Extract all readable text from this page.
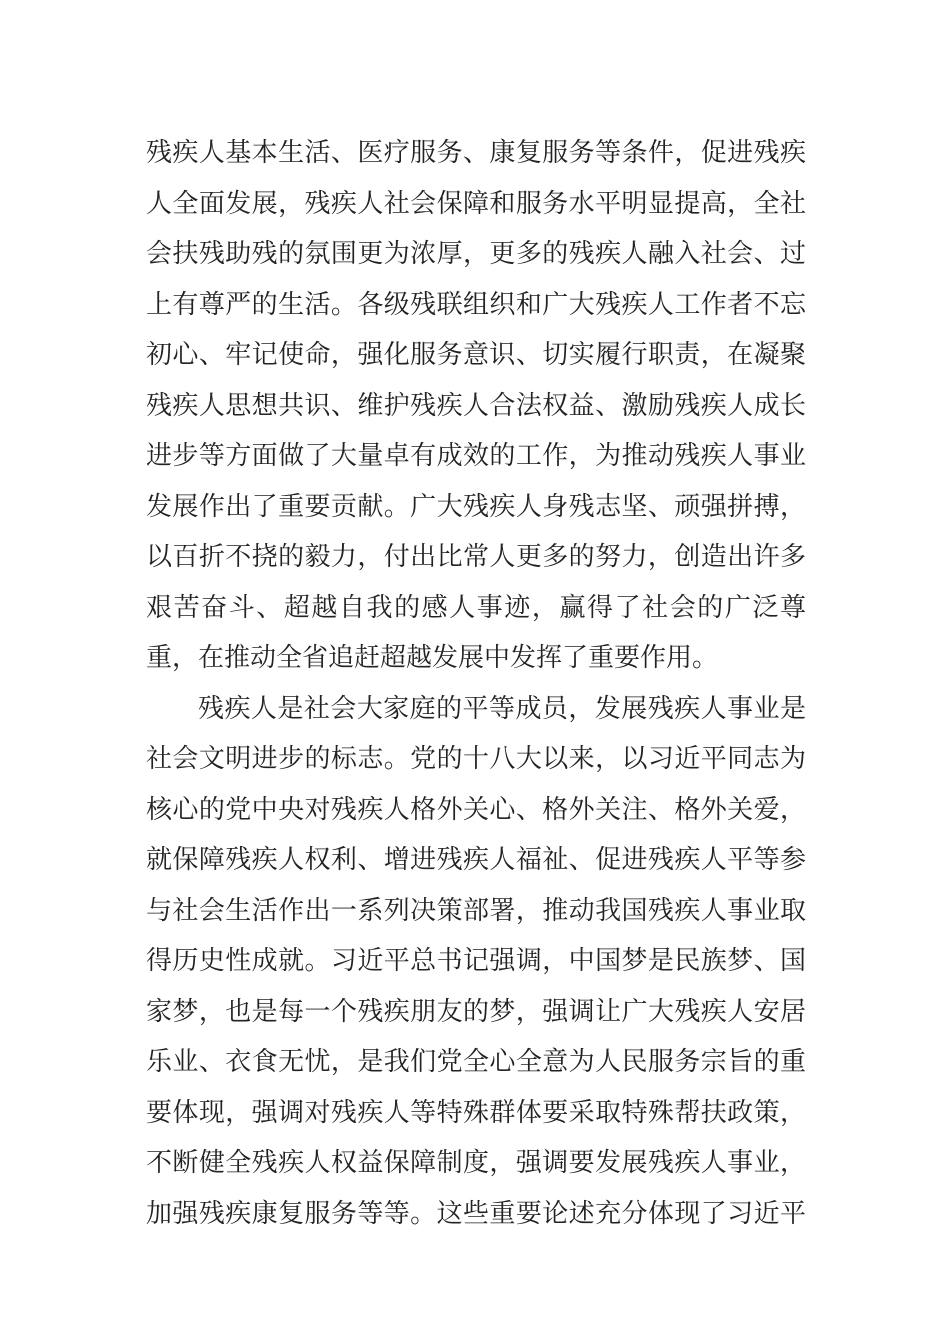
残疾人基本生活、医疗服务、康复服务等条件，促进残疾
人全面发展，残疾人社会保障和服务水平明显提高，全社
会扶残助残的氛围更为浓厚，更多的残疾人融入社会、过
上有尊严的生活。各级残联组织和广大残疾人工作者不忘
初心、牢记使命，强化服务意识、切实履行职责，在凝聚
残疾人思想共识、维护残疾人合法权益、激励残疾人成长
进步等方面做了大量卓有成效的工作，为推动残疾人事业
发展作出了重要贡献。广大残疾人身残志坚、顽强拼搏，
以百折不挠的毅力，付出比常人更多的努力，创造出许多
艰苦奋斗、超越自我的感人事迹，赢得了社会的广泛尊
重，在推动全省追赶超越发展中发挥了重要作用。
残疾人是社会大家庭的平等成员，发展残疾人事业是
社会文明进步的标志。党的十八大以来，以习近平同志为
核心的党中央对残疾人格外关心、格外关注、格外关爱，
就保障残疾人权利、增进残疾人福祉、促进残疾人平等参
与社会生活作出一系列决策部署，推动我国残疾人事业取
得历史性成就。习近平总书记强调，中国梦是民族梦、国
家梦，也是每一个残疾朋友的梦，强调让广大残疾人安居
乐业、衣食无忧，是我们党全心全意为人民服务宗旨的重
要体现，强调对残疾人等特殊群体要采取特殊帮扶政策，
不断健全残疾人权益保障制度，强调要发展残疾人事业，
加强残疾康复服务等等。这些重要论述充分体现了习近平
